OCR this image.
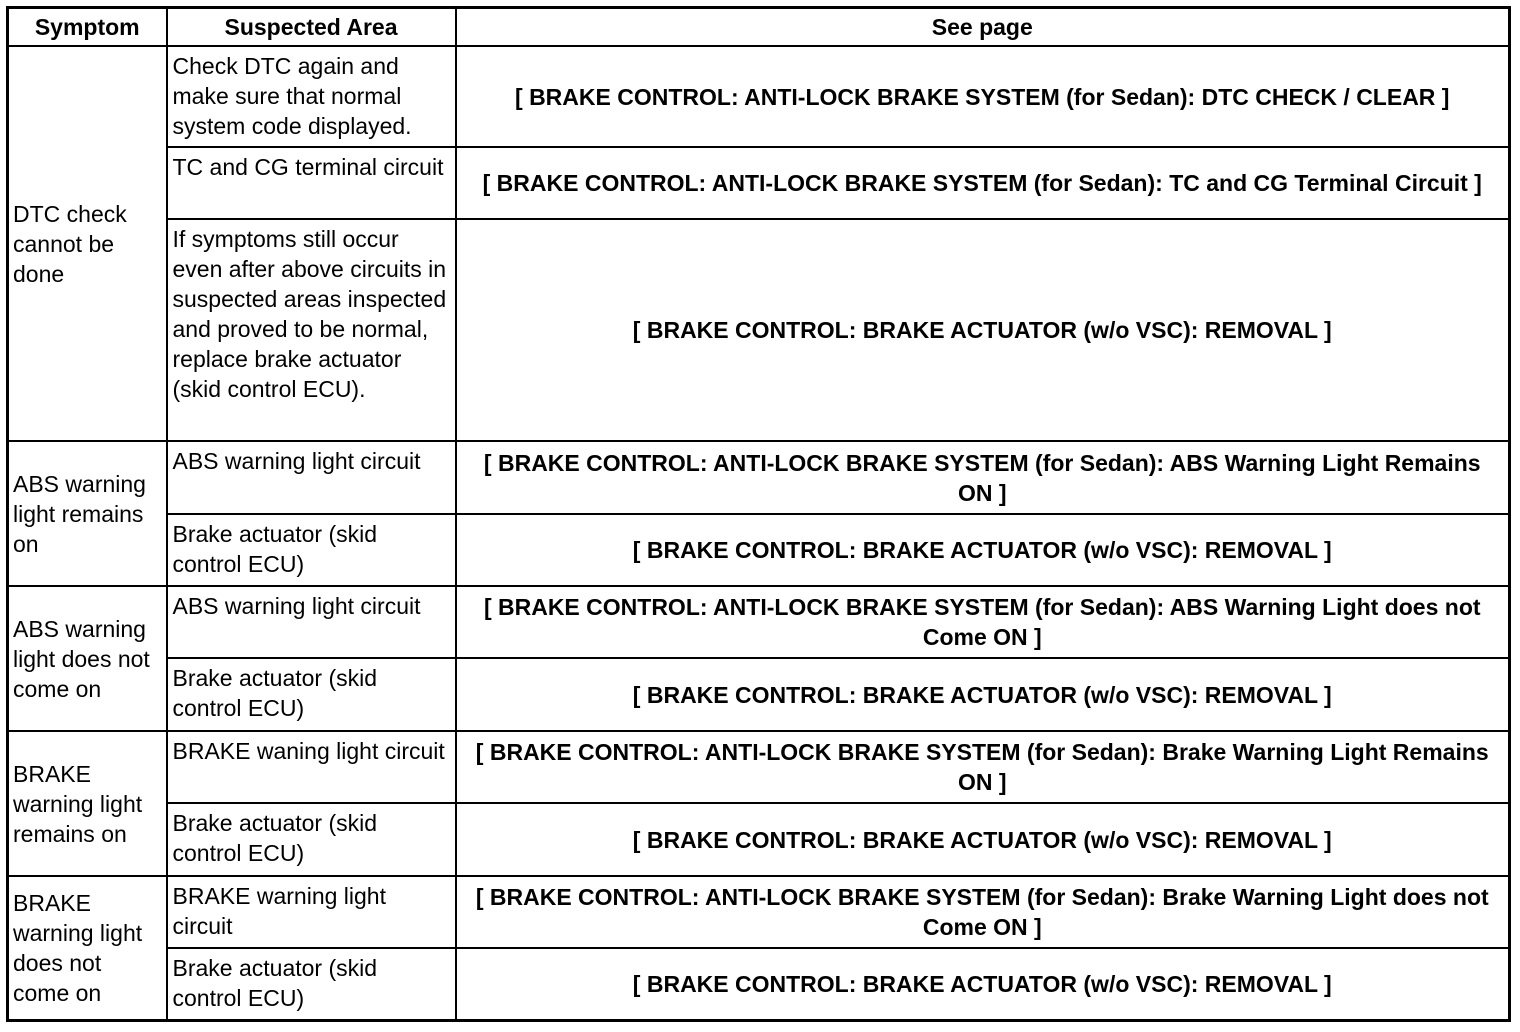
Symptom	Suspected Area	See page
DTC check cannot be done	Check DTC again and make sure that normal system code displayed.	[ BRAKE CONTROL: ANTI-LOCK BRAKE SYSTEM (for Sedan): DTC CHECK / CLEAR ]
	TC and CG terminal circuit	[ BRAKE CONTROL: ANTI-LOCK BRAKE SYSTEM (for Sedan): TC and CG Terminal Circuit ]
	If symptoms still occur even after above circuits in suspected areas inspected and proved to be normal, replace brake actuator (skid control ECU).	[ BRAKE CONTROL: BRAKE ACTUATOR (w/o VSC): REMOVAL ]
ABS warning light remains on	ABS warning light circuit	[ BRAKE CONTROL: ANTI-LOCK BRAKE SYSTEM (for Sedan): ABS Warning Light Remains ON ]
	Brake actuator (skid control ECU)	[ BRAKE CONTROL: BRAKE ACTUATOR (w/o VSC): REMOVAL ]
ABS warning light does not come on	ABS warning light circuit	[ BRAKE CONTROL: ANTI-LOCK BRAKE SYSTEM (for Sedan): ABS Warning Light does not Come ON ]
	Brake actuator (skid control ECU)	[ BRAKE CONTROL: BRAKE ACTUATOR (w/o VSC): REMOVAL ]
BRAKE warning light remains on	BRAKE waning light circuit	[ BRAKE CONTROL: ANTI-LOCK BRAKE SYSTEM (for Sedan): Brake Warning Light Remains ON ]
	Brake actuator (skid control ECU)	[ BRAKE CONTROL: BRAKE ACTUATOR (w/o VSC): REMOVAL ]
BRAKE warning light does not come on	BRAKE warning light circuit	[ BRAKE CONTROL: ANTI-LOCK BRAKE SYSTEM (for Sedan): Brake Warning Light does not Come ON ]
	Brake actuator (skid control ECU)	[ BRAKE CONTROL: BRAKE ACTUATOR (w/o VSC): REMOVAL ]
